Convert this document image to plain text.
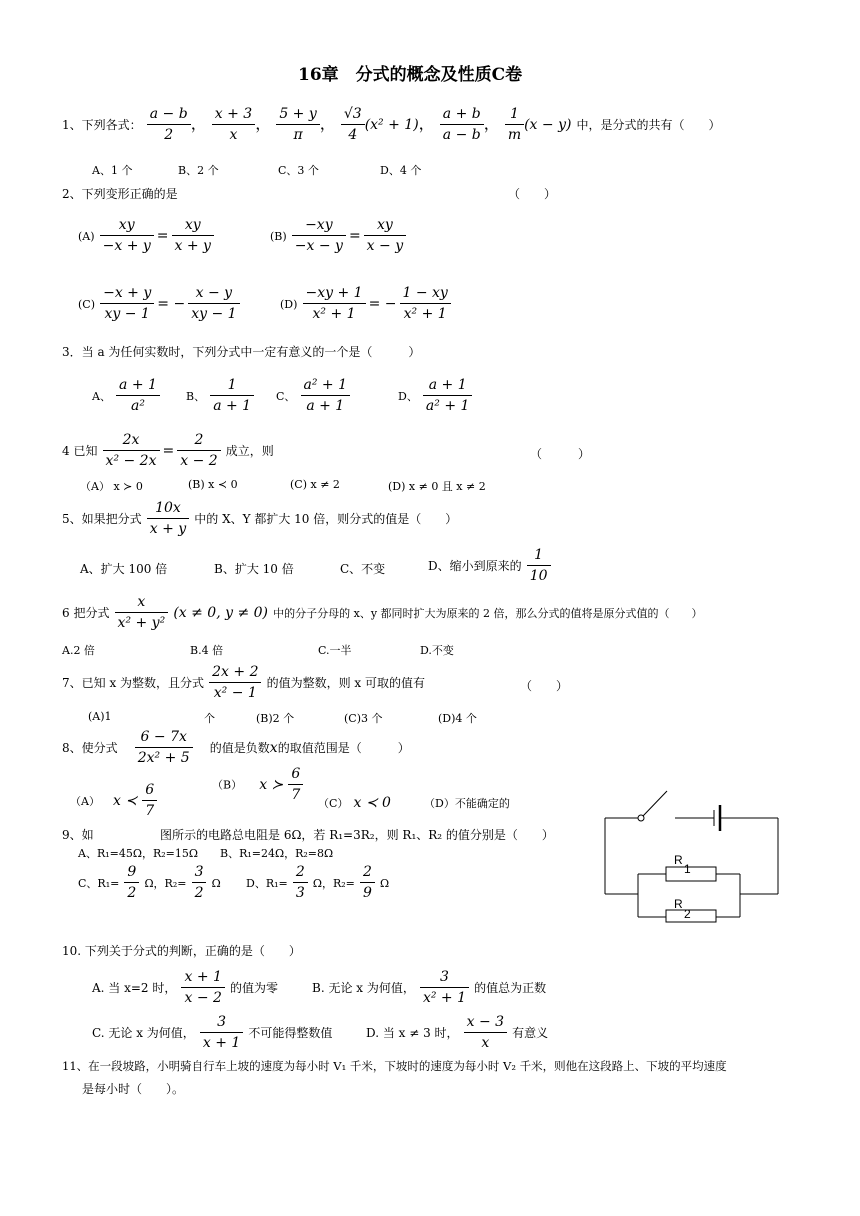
16章　分式的概念及性质C卷
1、下列各式： $\frac{a - b}{2}$ ， $\frac{x + 3}{x}$ ， $\frac{5 + y}{\pi}$ ， $\frac{√3}{4} (x^2 + 1)$， $\frac{a + b}{a - b}$ ， $\frac{1}{m} (x - y)$ 中，是分式的共有（　　）
A、1 个	B、2 个	C、3 个	D、4 个
2、下列变形正确的是	（　　）
$(A) \frac{xy}{-x + y} = \frac{xy}{x + y}$	$(B) \frac{-xy}{-x - y} = \frac{xy}{x - y}$
$(C) \frac{-x + y}{xy - 1}$ = − $\frac{x - y}{xy - 1}$	$(D) \frac{-xy + 1}{\text{x² + 1}}$ = − $\frac{1 - xy}{\text{x² + 1}}$
3．当 a 为任何实数时，下列分式中一定有意义的一个是（　　　）
A、 $\frac{a + 1}{\text{a²}}$ B、 $\frac{1}{a + 1}$ C、 $\frac{\text{a² + 1}}{a + 1}$	D、 $\frac{a + 1}{\text{a² + 1}}$
4 已知 $\frac{2x}{\text{x² − 2x}} = \frac{2}{x - 2}$ 成立，则	（　　　）
（A） x ≻ 0	(B) x ≺ 0	(C) x ≠ 2	(D) x ≠ 0 且 x ≠ 2
5、如果把分式 $\frac{10x}{x + y}$ 中的 X、Y 都扩大 10 倍，则分式的值是（　　）
A、扩大 100 倍	B、扩大 10 倍	C、不变	D、缩小到原来的 $\frac{1}{10}$
6 把分式 $\frac{x}{\text{x² + y²}} (x \ne 0$, y ≠ 0) 中的分子分母的 x、y 都同时扩大为原来的 2 倍，那么分式的值将是原分式值的（　　）
A.2 倍	B.4 倍	C.一半	D.不变
7、已知 x 为整数，且分式 $\frac{2x + 2}{\text{x² − 1}}$ 的值为整数，则 x 可取的值有	（　　）
(A)1	个	(B)2 个	(C)3 个	(D)4 个
8、使分式 $\frac{6 - 7x}{\text{2x² + 5}}$ 的值是负数x的取值范围是（　　　）
（B） x ≻ $\frac{6}{7}$
（A） x ≺ $\frac{6}{7}$	（C） x ≺ 0	（D）不能确定的
9、如	图所示的电路总电阻是 6Ω，若 R₁=3R₂，则 R₁、R₂ 的值分别是（　　）
A、R₁=45Ω，R₂=15Ω　　B、R₁=24Ω，R₂=8Ω
C、$R_1= \frac{9}{2}$ Ω，$R_2= \frac{3}{2}$ Ω D、$R_1= \frac{2}{3}$ Ω，$R_2= \frac{2}{9}$ Ω
R
1
R
2
10. 下列关于分式的判断，正确的是（　　）
A. 当 x=2 时， $\frac{x + 1}{x - 2}$ 的值为零	B. 无论 x 为何值， $\frac{3}{\text{x² + 1}}$ 的值总为正数
C. 无论 x 为何值， $\frac{3}{x + 1}$ 不可能得整数值	D. 当 x ≠ 3 时， $\frac{x - 3}{x}$ 有意义
11、在一段坡路，小明骑自行车上坡的速度为每小时 V₁ 千米，下坡时的速度为每小时 V₂ 千米，则他在这段路上、下坡的平均速度
是每小时（　　）。
